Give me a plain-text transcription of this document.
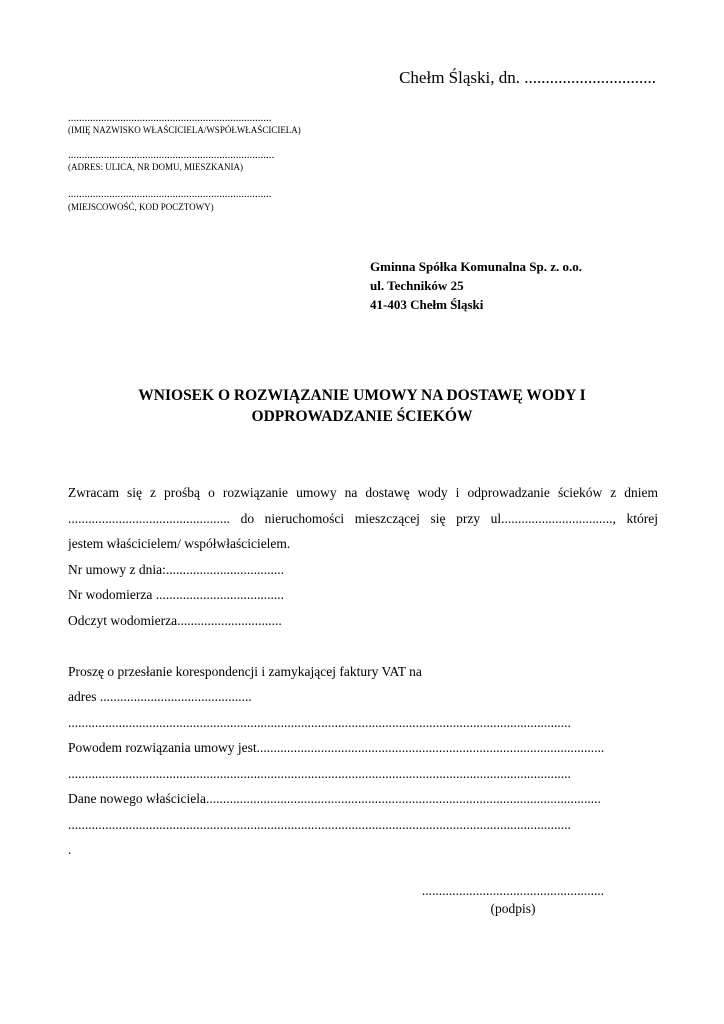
Chełm Śląski, dn. ...............................
..........................................................................
(IMIĘ NAZWISKO WŁAŚCICIELA/WSPÓŁWŁAŚCICIELA)
...........................................................................
(ADRES: ULICA, NR DOMU, MIESZKANIA)
..........................................................................
(MIEJSCOWOŚĆ, KOD POCZTOWY)
Gminna Spółka Komunalna Sp. z. o.o.
ul. Techników 25
41-403 Chełm Śląski
WNIOSEK O ROZWIĄZANIE UMOWY NA DOSTAWĘ WODY I
ODPROWADZANIE ŚCIEKÓW
Zwracam się z prośbą o rozwiązanie umowy na dostawę wody i odprowadzanie ścieków z dniem
................................................ do nieruchomości mieszczącej się przy ul................................., której
jestem właścicielem/ współwłaścicielem.
Nr umowy z dnia:...................................
Nr wodomierza ......................................
Odczyt wodomierza...............................
Proszę o przesłanie korespondencji i zamykającej faktury VAT na
adres .............................................
.....................................................................................................................................................
Powodem rozwiązania umowy jest.......................................................................................................
.....................................................................................................................................................
Dane nowego właściciela.....................................................................................................................
.....................................................................................................................................................
.
......................................................
(podpis)
